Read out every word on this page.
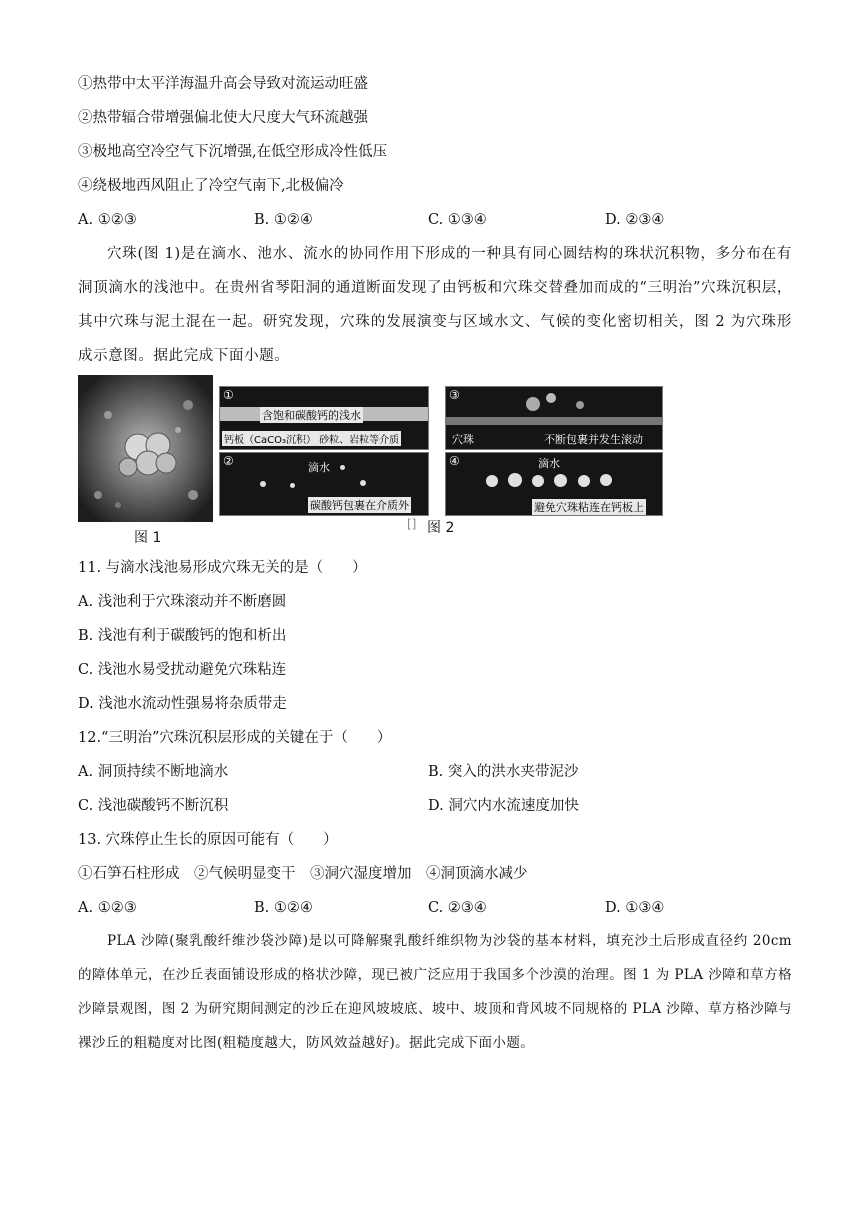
①热带中太平洋海温升高会导致对流运动旺盛
②热带辐合带增强偏北使大尺度大气环流越强
③极地高空冷空气下沉增强,在低空形成冷性低压
④绕极地西风阻止了冷空气南下,北极偏冷
A. ①②③	B. ①②④	C. ①③④	D. ②③④

穴珠(图 1)是在滴水、池水、流水的协同作用下形成的一种具有同心圆结构的珠状沉积物，多分布在有洞顶滴水的浅池中。在贵州省琴阳洞的通道断面发现了由钙板和穴珠交替叠加而成的“三明治”穴珠沉积层，其中穴珠与泥土混在一起。研究发现，穴珠的发展演变与区域水文、气候的变化密切相关，图 2 为穴珠形成示意图。据此完成下面小题。

图 1
①
含饱和碳酸钙的浅水
钙板（CaCO₃沉积） 砂粒、岩粒等介质
②	滴水
碳酸钙包裹在介质外
③
穴珠	不断包裹并发生滚动
④	滴水
避免穴珠粘连在钙板上
[] 图 2
11. 与滴水浅池易形成穴珠无关的是（　　）
A. 浅池利于穴珠滚动并不断磨圆
B. 浅池有利于碳酸钙的饱和析出
C. 浅池水易受扰动避免穴珠粘连
D. 浅池水流动性强易将杂质带走
12.“三明治”穴珠沉积层形成的关键在于（　　）
A. 洞顶持续不断地滴水	B. 突入的洪水夹带泥沙
C. 浅池碳酸钙不断沉积	D. 洞穴内水流速度加快
13. 穴珠停止生长的原因可能有（　　）
①石笋石柱形成　②气候明显变干　③洞穴湿度增加　④洞顶滴水减少
A. ①②③	B. ①②④	C. ②③④	D. ①③④

PLA 沙障(聚乳酸纤维沙袋沙障)是以可降解聚乳酸纤维织物为沙袋的基本材料，填充沙土后形成直径约 20cm 的障体单元，在沙丘表面铺设形成的格状沙障，现已被广泛应用于我国多个沙漠的治理。图 1 为 PLA 沙障和草方格沙障景观图，图 2 为研究期间测定的沙丘在迎风坡坡底、坡中、坡顶和背风坡不同规格的 PLA 沙障、草方格沙障与裸沙丘的粗糙度对比图(粗糙度越大，防风效益越好)。据此完成下面小题。
